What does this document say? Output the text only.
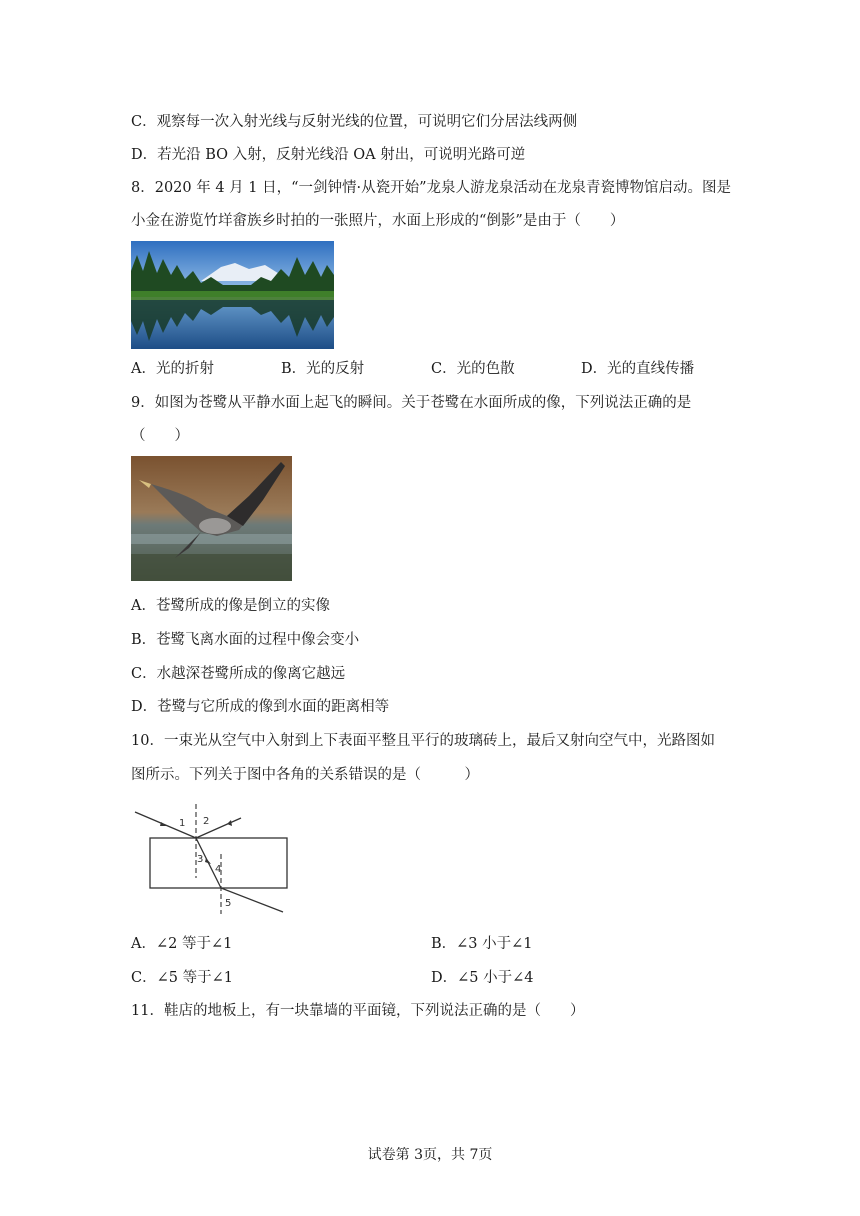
C．观察每一次入射光线与反射光线的位置，可说明它们分居法线两侧
D．若光沿 BO 入射，反射光线沿 OA 射出，可说明光路可逆
8．2020 年 4 月 1 日，“一剑钟情·从瓷开始”龙泉人游龙泉活动在龙泉青瓷博物馆启动。图是
小金在游览竹垟畲族乡时拍的一张照片，水面上形成的“倒影”是由于（　　）
A．光的折射	B．光的反射	C．光的色散	D．光的直线传播
9．如图为苍鹭从平静水面上起飞的瞬间。关于苍鹭在水面所成的像，下列说法正确的是
（　　）
A．苍鹭所成的像是倒立的实像
B．苍鹭飞离水面的过程中像会变小
C．水越深苍鹭所成的像离它越远
D．苍鹭与它所成的像到水面的距离相等
10．一束光从空气中入射到上下表面平整且平行的玻璃砖上，最后又射向空气中，光路图如
图所示。下列关于图中各角的关系错误的是（　　　）
1 2
3
4
5
A．∠2 等于∠1	B．∠3 小于∠1
C．∠5 等于∠1	D．∠5 小于∠4
11．鞋店的地板上，有一块靠墙的平面镜，下列说法正确的是（　　）
试卷第 3页，共 7页
